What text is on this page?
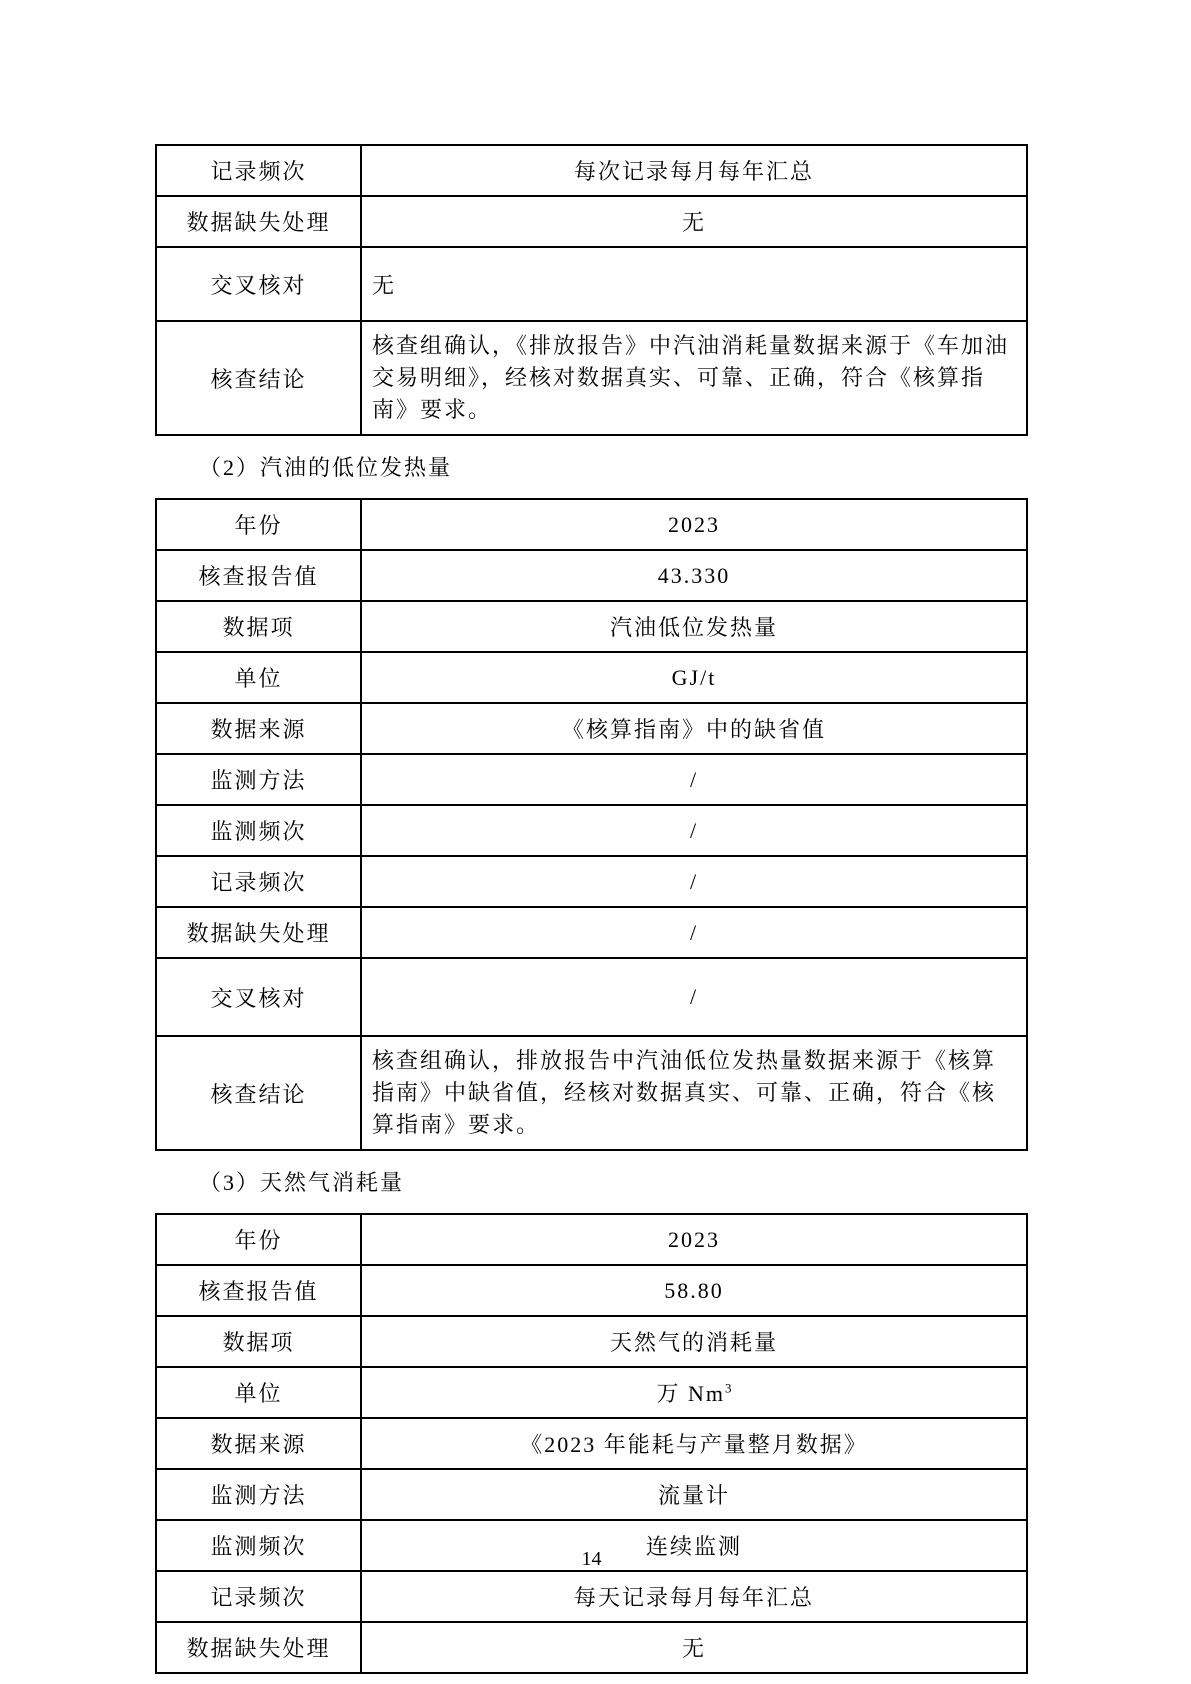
记录频次	每次记录每月每年汇总
数据缺失处理	无
交叉核对	无
核查结论	核查组确认，《排放报告》中汽油消耗量数据来源于《车加油交易明细》，经核对数据真实、可靠、正确，符合《核算指南》要求。
（2）汽油的低位发热量
年份	2023
核查报告值	43.330
数据项	汽油低位发热量
单位	GJ/t
数据来源	《核算指南》中的缺省值
监测方法	/
监测频次	/
记录频次	/
数据缺失处理	/
交叉核对	/
核查结论	核查组确认，排放报告中汽油低位发热量数据来源于《核算指南》中缺省值，经核对数据真实、可靠、正确，符合《核算指南》要求。
（3）天然气消耗量
年份	2023
核查报告值	58.80
数据项	天然气的消耗量
单位	万 Nm$^3$
数据来源	《2023 年能耗与产量整月数据》
监测方法	流量计
监测频次	连续监测
记录频次	每天记录每月每年汇总
数据缺失处理	无
14
